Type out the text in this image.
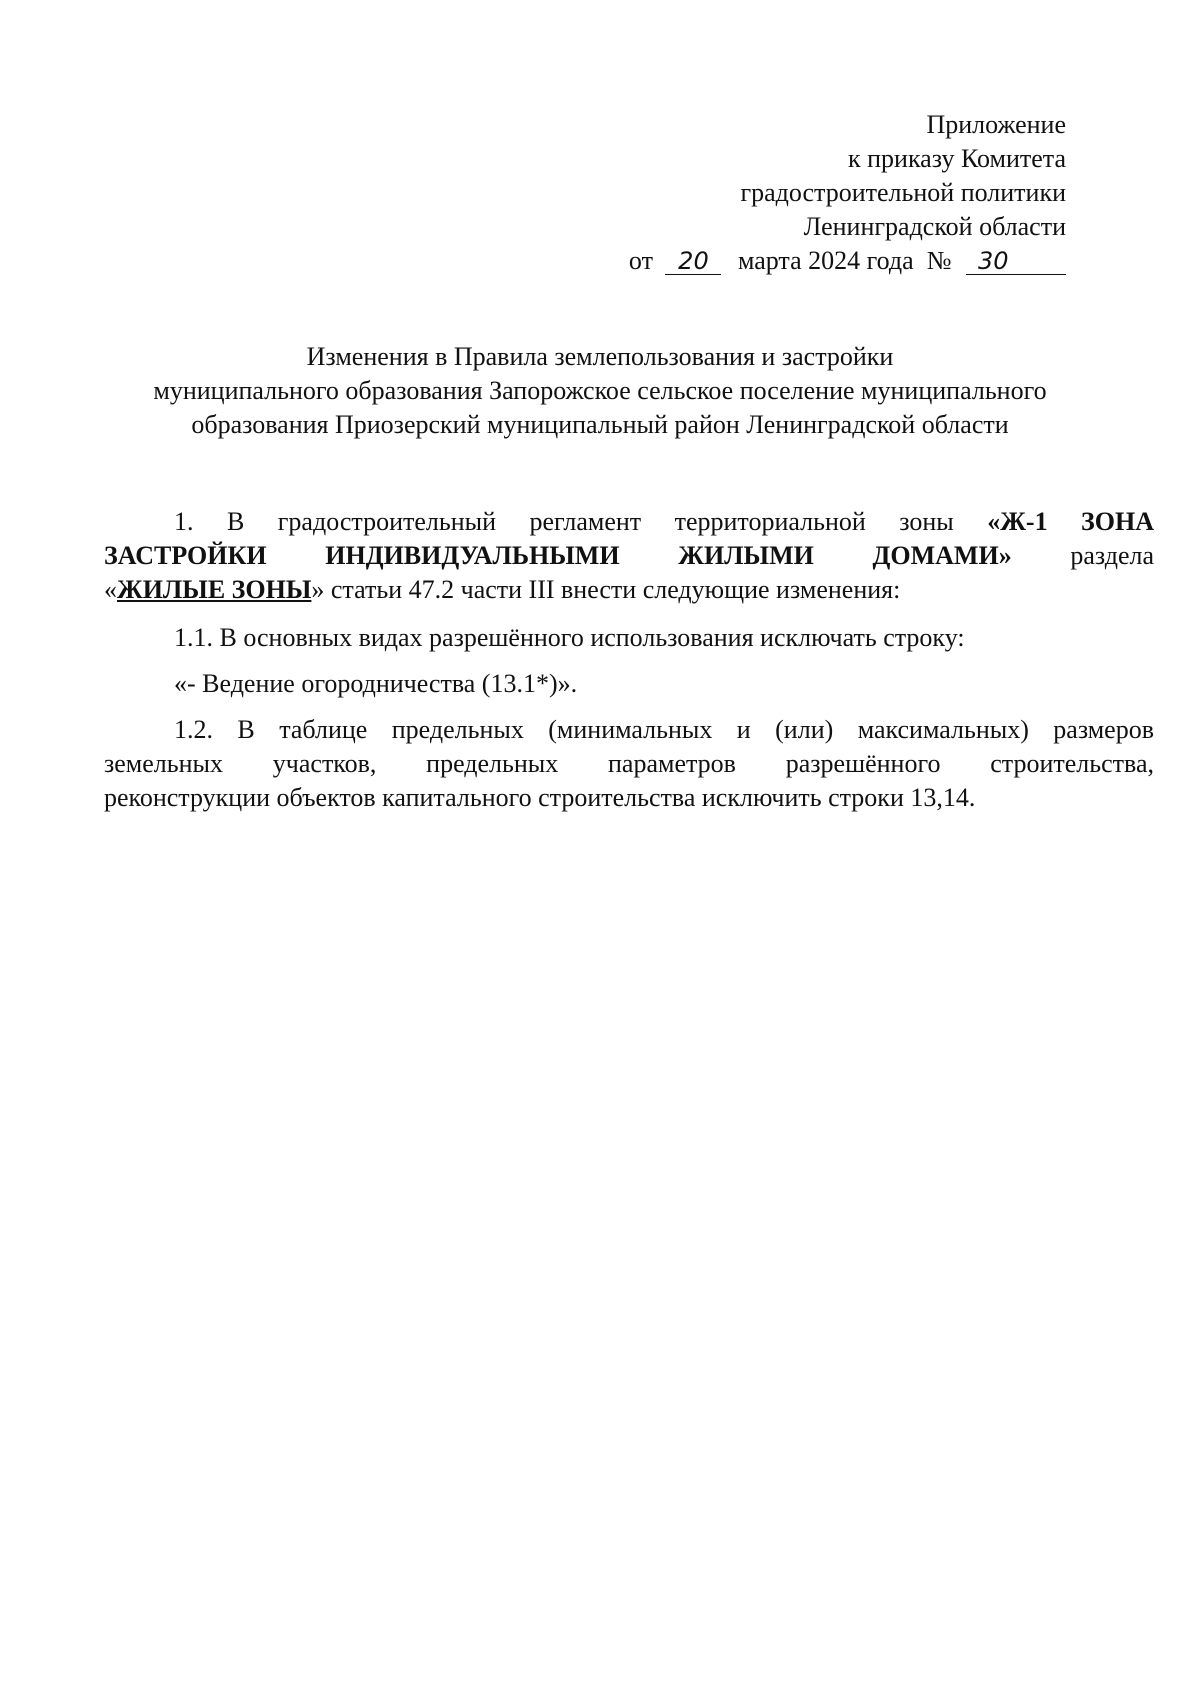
Приложение
к приказу Комитета
градостроительной политики
Ленинградской области
от 20 марта 2024 года № 30
Изменения в Правила землепользования и застройки
муниципального образования Запорожское сельское поселение муниципального
образования Приозерский муниципальный район Ленинградской области
1. В градостроительный регламент территориальной зоны «Ж-1 ЗОНА
ЗАСТРОЙКИ ИНДИВИДУАЛЬНЫМИ ЖИЛЫМИ ДОМАМИ» раздела
«ЖИЛЫЕ ЗОНЫ» статьи 47.2 части III внести следующие изменения:
1.1. В основных видах разрешённого использования исключать строку:
«- Ведение огородничества (13.1*)».
1.2. В таблице предельных (минимальных и (или) максимальных) размеров
земельных участков, предельных параметров разрешённого строительства,
реконструкции объектов капитального строительства исключить строки 13,14.
